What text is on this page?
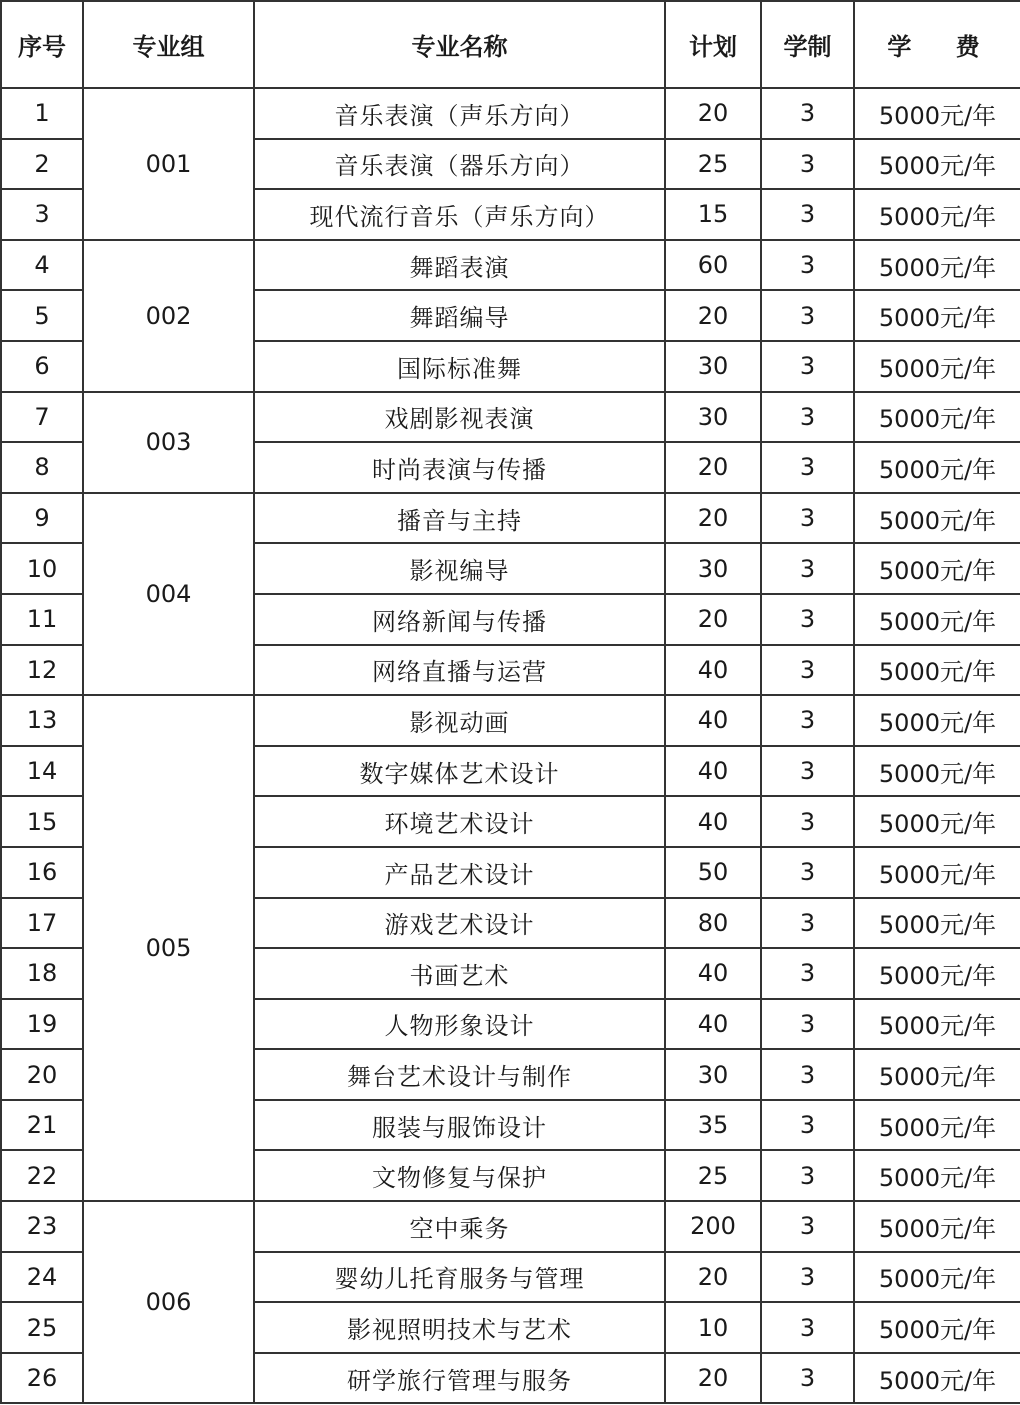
序号	专业组	专业名称	计划	学制	学 费
1	001	音乐表演（声乐方向）	20	3	5000元/年
2		音乐表演（器乐方向）	25	3	5000元/年
3		现代流行音乐（声乐方向）	15	3	5000元/年
4	002	舞蹈表演	60	3	5000元/年
5		舞蹈编导	20	3	5000元/年
6		国际标准舞	30	3	5000元/年
7	003	戏剧影视表演	30	3	5000元/年
8		时尚表演与传播	20	3	5000元/年
9	004	播音与主持	20	3	5000元/年
10		影视编导	30	3	5000元/年
11		网络新闻与传播	20	3	5000元/年
12		网络直播与运营	40	3	5000元/年
13	005	影视动画	40	3	5000元/年
14		数字媒体艺术设计	40	3	5000元/年
15		环境艺术设计	40	3	5000元/年
16		产品艺术设计	50	3	5000元/年
17		游戏艺术设计	80	3	5000元/年
18		书画艺术	40	3	5000元/年
19		人物形象设计	40	3	5000元/年
20		舞台艺术设计与制作	30	3	5000元/年
21		服装与服饰设计	35	3	5000元/年
22		文物修复与保护	25	3	5000元/年
23	006	空中乘务	200	3	5000元/年
24		婴幼儿托育服务与管理	20	3	5000元/年
25		影视照明技术与艺术	10	3	5000元/年
26		研学旅行管理与服务	20	3	5000元/年
